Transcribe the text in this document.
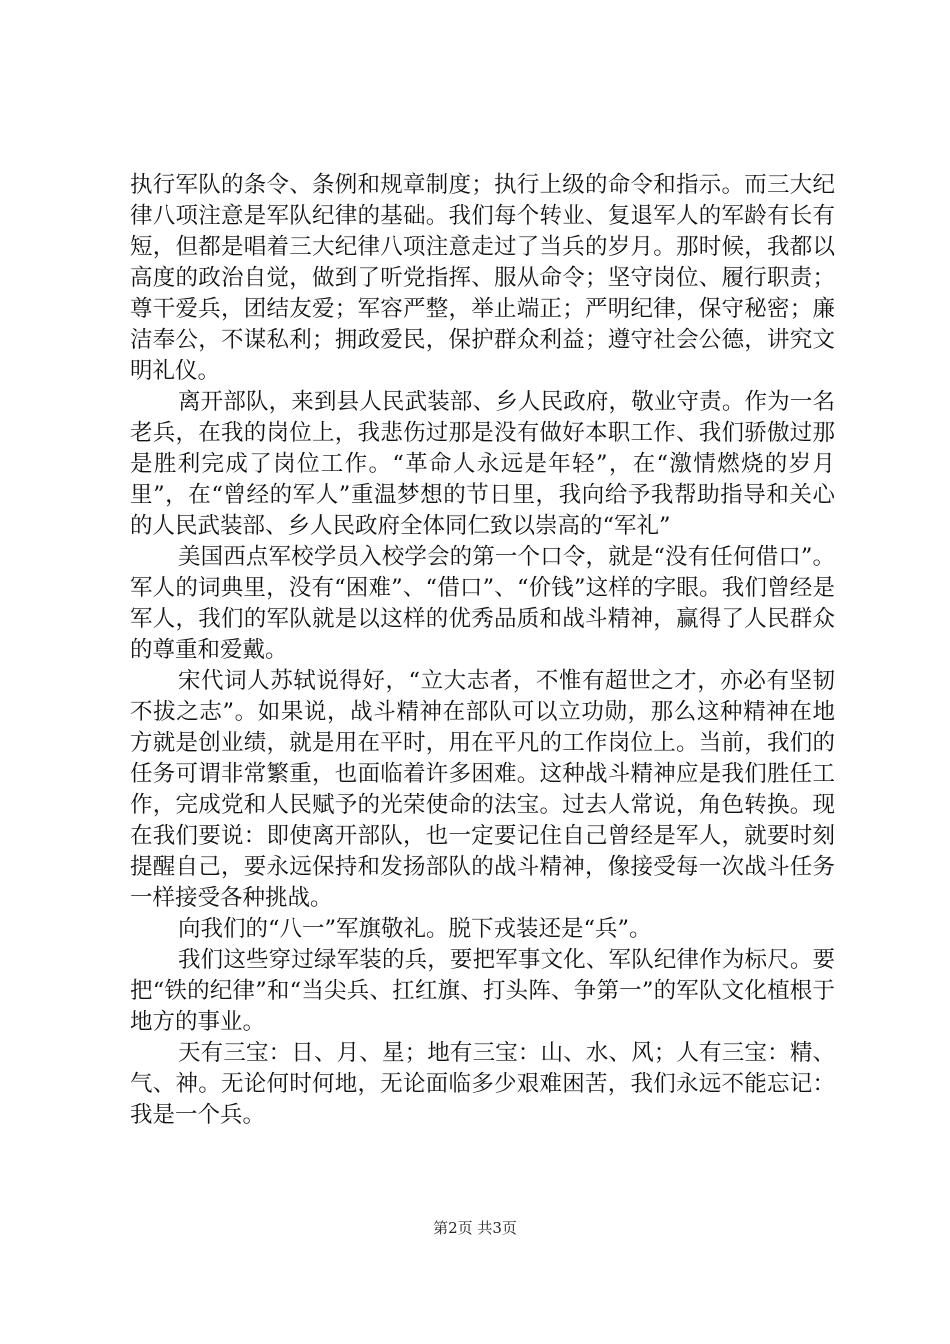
执行军队的条令、条例和规章制度；执行上级的命令和指示。而三大纪律八项注意是军队纪律的基础。我们每个转业、复退军人的军龄有长有短，但都是唱着三大纪律八项注意走过了当兵的岁月。那时候，我都以高度的政治自觉，做到了听党指挥、服从命令；坚守岗位、履行职责；尊干爱兵，团结友爱；军容严整，举止端正；严明纪律，保守秘密；廉洁奉公，不谋私利；拥政爱民，保护群众利益；遵守社会公德，讲究文明礼仪。

离开部队，来到县人民武装部、乡人民政府，敬业守责。作为一名老兵，在我的岗位上，我悲伤过那是没有做好本职工作、我们骄傲过那是胜利完成了岗位工作。“革命人永远是年轻”，在“激情燃烧的岁月里”，在“曾经的军人”重温梦想的节日里，我向给予我帮助指导和关心的人民武装部、乡人民政府全体同仁致以崇高的“军礼”

美国西点军校学员入校学会的第一个口令，就是“没有任何借口”。军人的词典里，没有“困难”、“借口”、“价钱”这样的字眼。我们曾经是军人，我们的军队就是以这样的优秀品质和战斗精神，赢得了人民群众的尊重和爱戴。

宋代词人苏轼说得好，“立大志者，不惟有超世之才，亦必有坚韧不拔之志”。如果说，战斗精神在部队可以立功勋，那么这种精神在地方就是创业绩，就是用在平时，用在平凡的工作岗位上。当前，我们的任务可谓非常繁重，也面临着许多困难。这种战斗精神应是我们胜任工作，完成党和人民赋予的光荣使命的法宝。过去人常说，角色转换。现在我们要说：即使离开部队，也一定要记住自己曾经是军人，就要时刻提醒自己，要永远保持和发扬部队的战斗精神，像接受每一次战斗任务一样接受各种挑战。

向我们的“八一”军旗敬礼。脱下戎装还是“兵”。

我们这些穿过绿军装的兵，要把军事文化、军队纪律作为标尺。要把“铁的纪律”和“当尖兵、扛红旗、打头阵、争第一”的军队文化植根于地方的事业。

天有三宝：日、月、星；地有三宝：山、水、风；人有三宝：精、气、神。无论何时何地，无论面临多少艰难困苦，我们永远不能忘记：我是一个兵。

第2页 共3页
